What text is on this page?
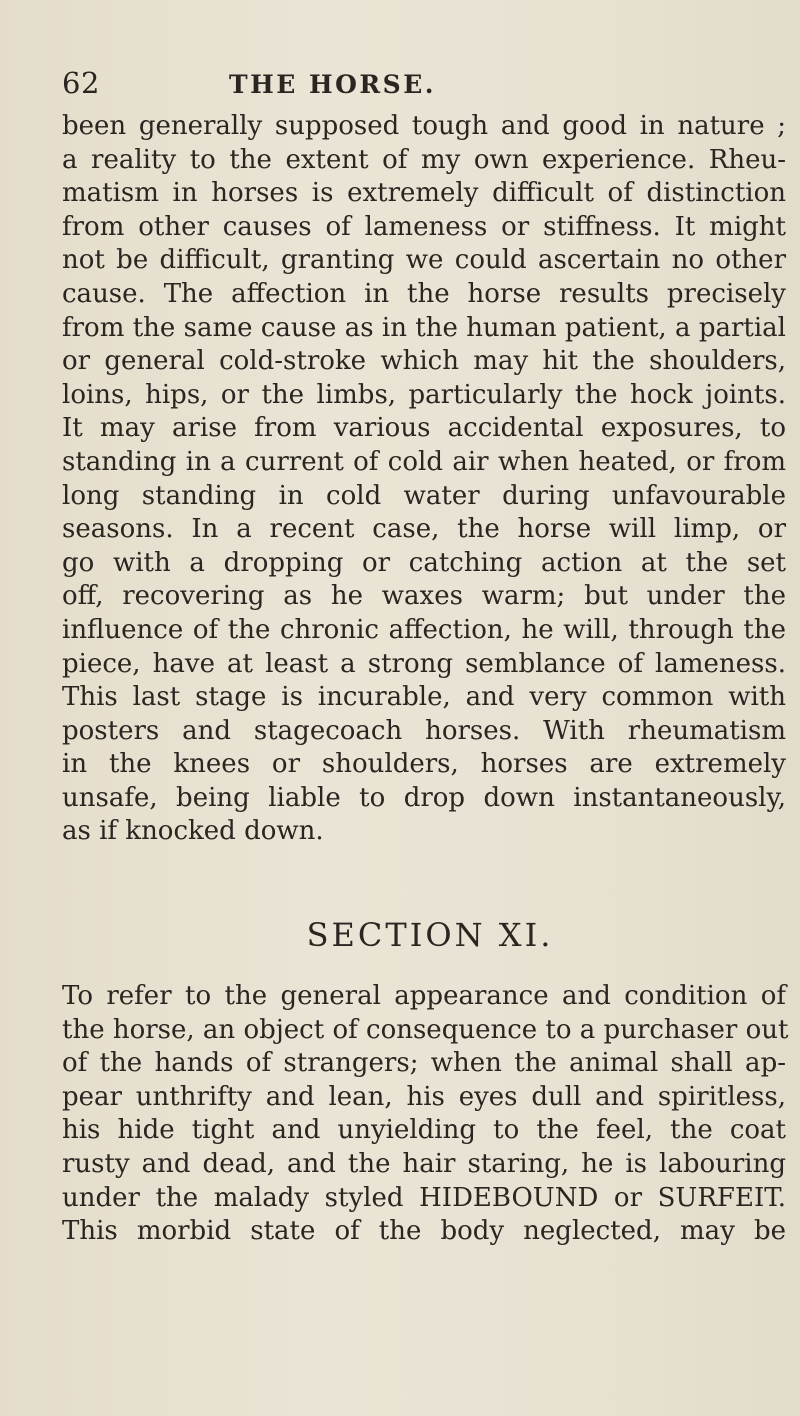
62	THE HORSE.
been generally supposed tough and good in nature ;
a reality to the extent of my own experience. Rheu-
matism in horses is extremely difficult of distinction
from other causes of lameness or stiffness. It might
not be difficult, granting we could ascertain no other
cause. The affection in the horse results precisely
from the same cause as in the human patient, a partial
or general cold-stroke which may hit the shoulders,
loins, hips, or the limbs, particularly the hock joints.
It may arise from various accidental exposures, to
standing in a current of cold air when heated, or from
long standing in cold water during unfavourable
seasons. In a recent case, the horse will limp, or
go with a dropping or catching action at the set
off, recovering as he waxes warm; but under the
influence of the chronic affection, he will, through the
piece, have at least a strong semblance of lameness.
This last stage is incurable, and very common with
posters and stagecoach horses. With rheumatism
in the knees or shoulders, horses are extremely
unsafe, being liable to drop down instantaneously,
as if knocked down.
SECTION XI.
To refer to the general appearance and condition of
the horse, an object of consequence to a purchaser out
of the hands of strangers; when the animal shall ap-
pear unthrifty and lean, his eyes dull and spiritless,
his hide tight and unyielding to the feel, the coat
rusty and dead, and the hair staring, he is labouring
under the malady styled HIDEBOUND or SURFEIT.
This morbid state of the body neglected, may be
